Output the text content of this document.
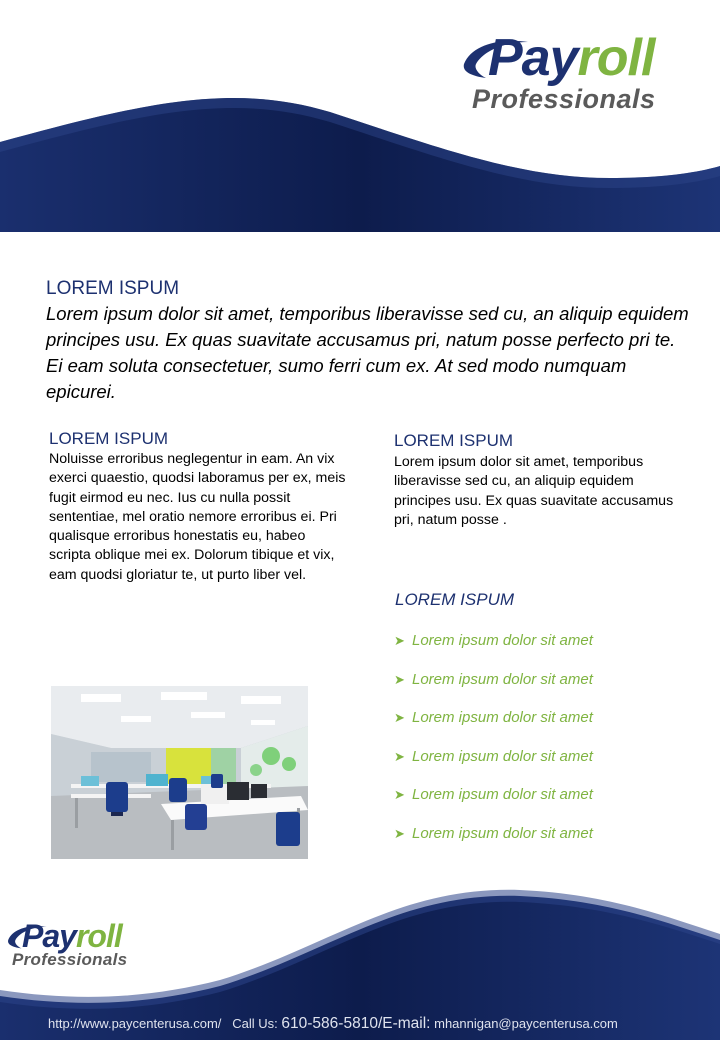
Payroll
Professionals
LOREM ISPUM
Lorem ipsum dolor sit amet, temporibus liberavisse sed cu, an aliquip equidem principes usu. Ex quas suavitate accusamus pri, natum posse perfecto pri te. Ei eam soluta consectetuer, sumo ferri cum ex. At sed modo numquam epicurei.
LOREM ISPUM
Noluisse erroribus neglegentur in eam. An vix exerci quaestio, quodsi laboramus per ex, meis fugit eirmod eu nec. Ius cu nulla possit sententiae, mel oratio nemore erroribus ei. Pri qualisque erroribus honestatis eu, habeo scripta oblique mei ex. Dolorum tibique et vix, eam quodsi gloriatur te, ut purto liber vel.
LOREM ISPUM
Lorem ipsum dolor sit amet, temporibus liberavisse sed cu, an aliquip equidem principes usu. Ex quas suavitate accusamus pri, natum posse .
LOREM ISPUM
➤ Lorem ipsum dolor sit amet
➤ Lorem ipsum dolor sit amet
➤ Lorem ipsum dolor sit amet
➤ Lorem ipsum dolor sit amet
➤ Lorem ipsum dolor sit amet
➤ Lorem ipsum dolor sit amet
Payroll
Professionals
http://www.paycenterusa.com/ Call Us: 610-586-5810/E-mail: mhannigan@paycenterusa.com
